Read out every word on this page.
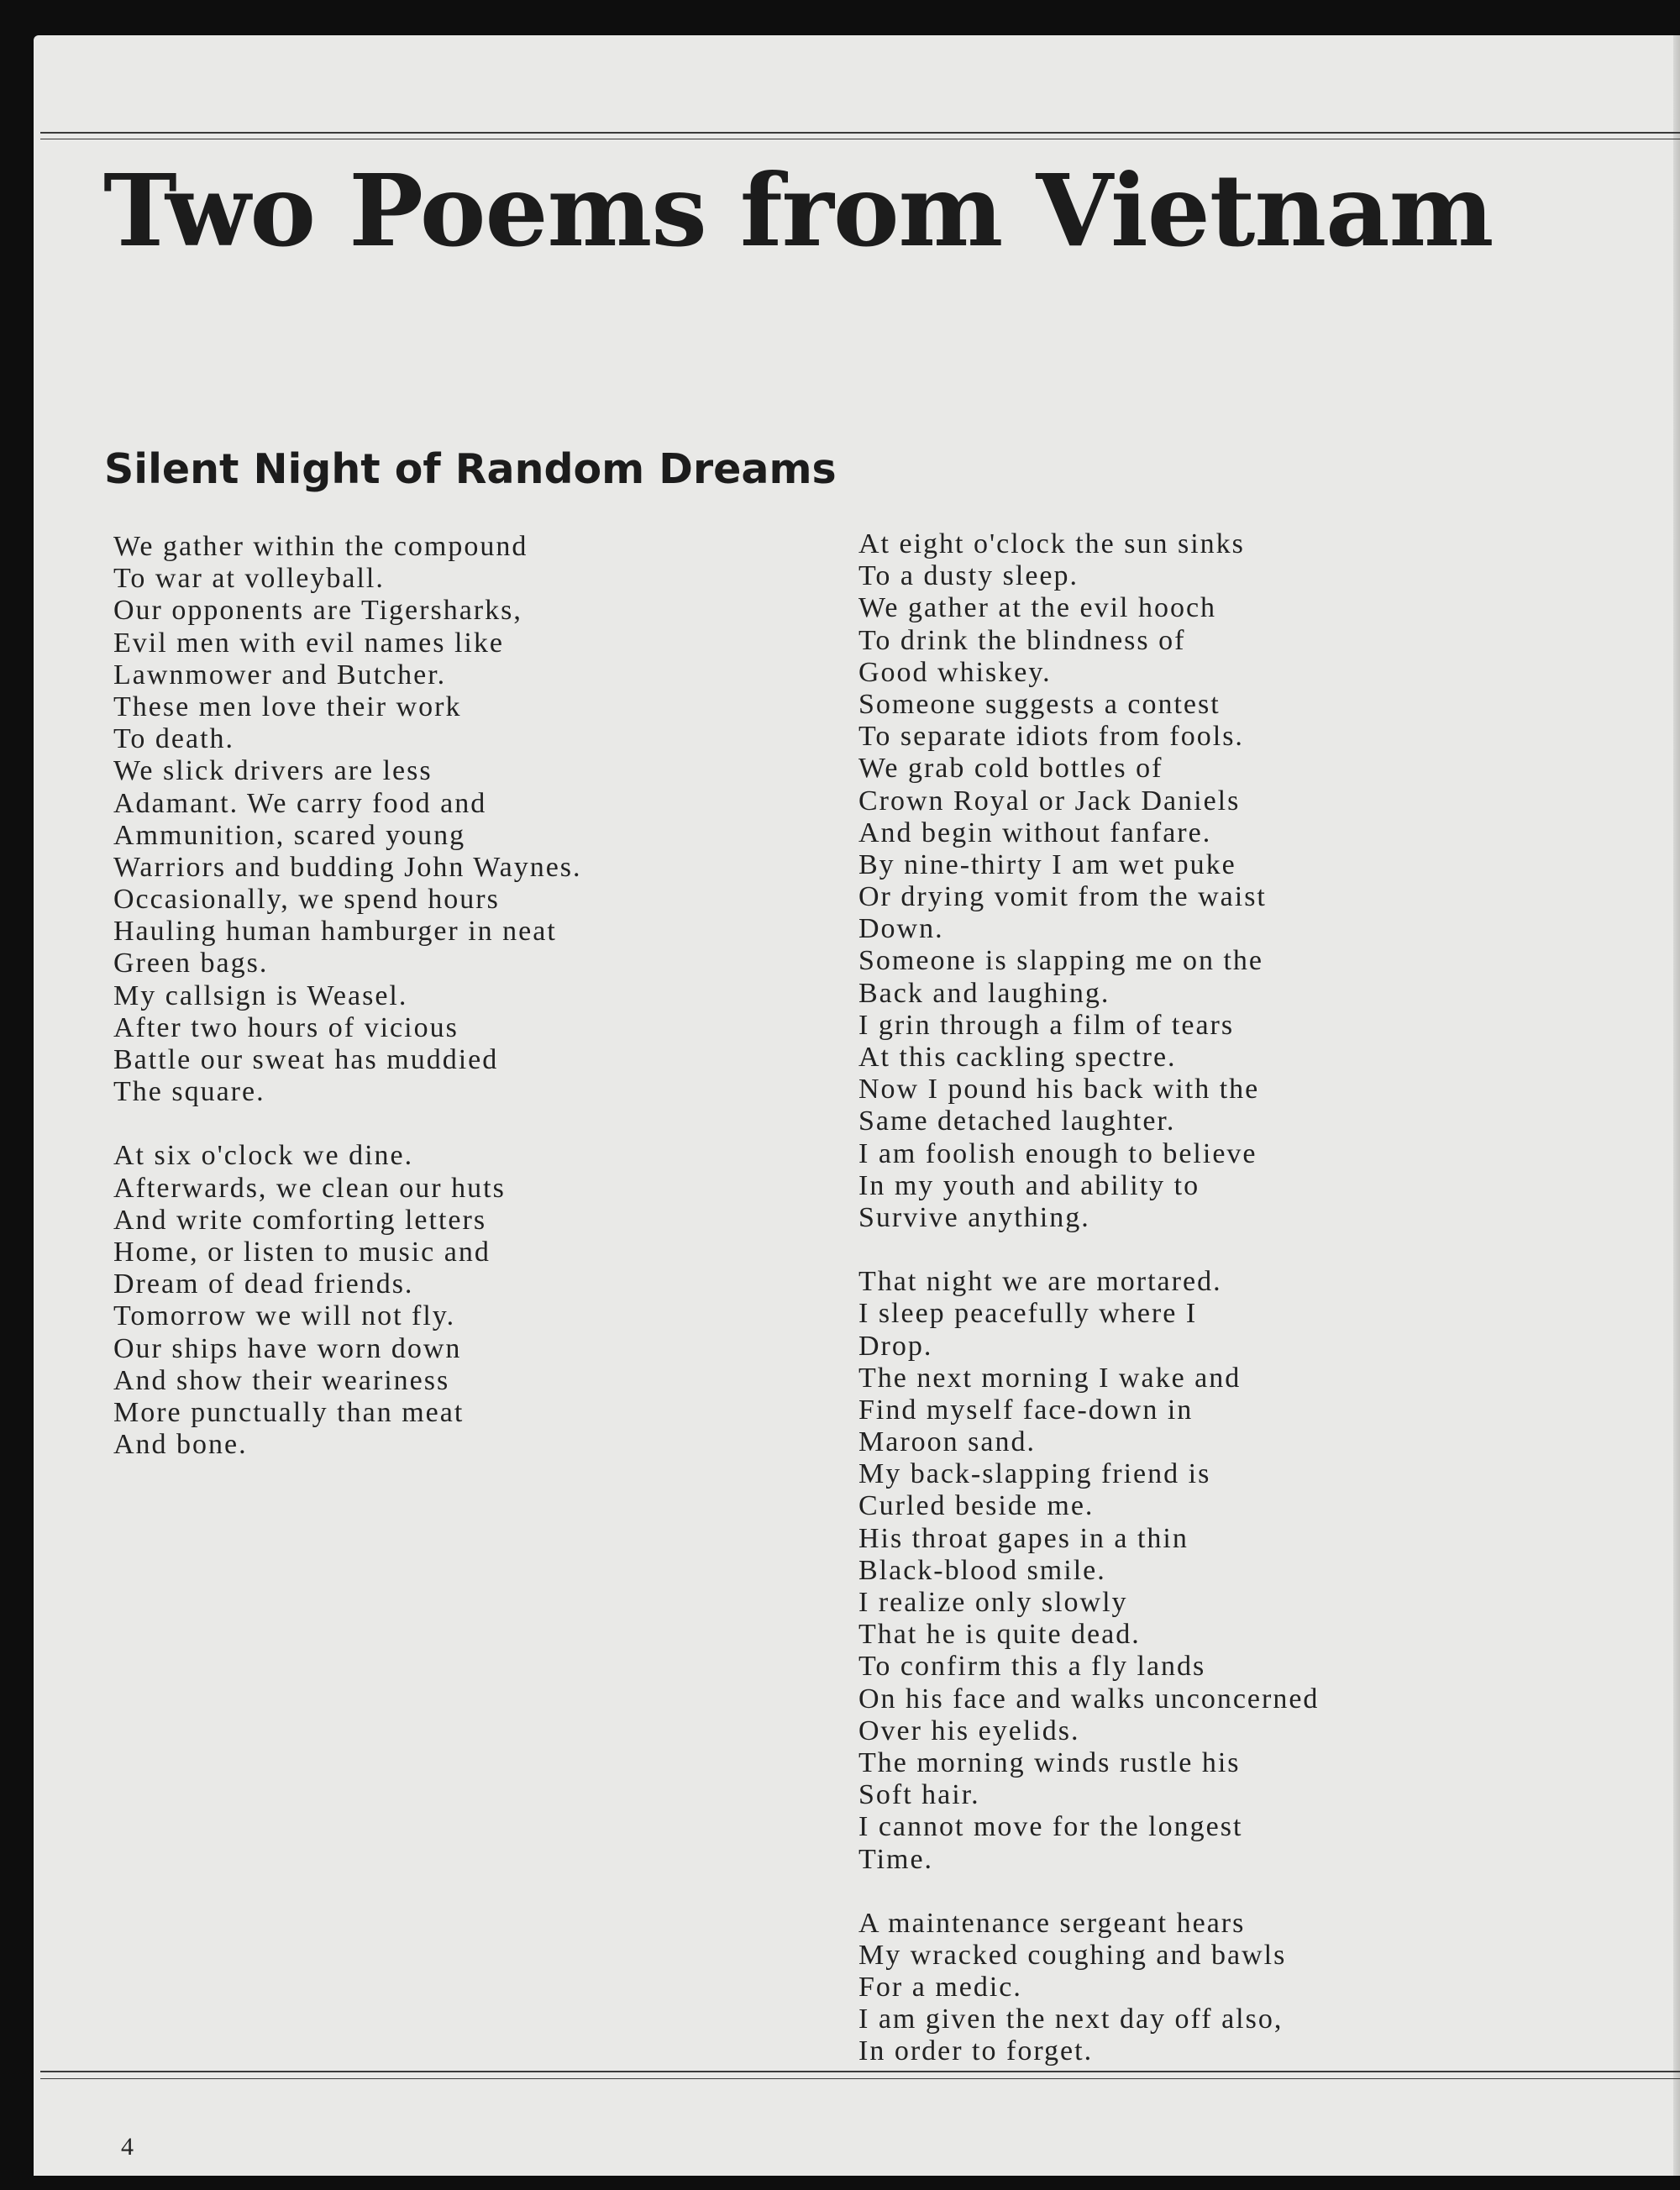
Two Poems from Vietnam
Silent Night of Random Dreams

We gather within the compound

To war at volleyball.

Our opponents are Tigersharks,

Evil men with evil names like

Lawnmower and Butcher.

These men love their work

To death.

We slick drivers are less

Adamant. We carry food and

Ammunition, scared young

Warriors and budding John Waynes.

Occasionally, we spend hours

Hauling human hamburger in neat

Green bags.

My callsign is Weasel.

After two hours of vicious

Battle our sweat has muddied

The square.

At six o'clock we dine.

Afterwards, we clean our huts

And write comforting letters

Home, or listen to music and

Dream of dead friends.

Tomorrow we will not fly.

Our ships have worn down

And show their weariness

More punctually than meat

And bone.

At eight o'clock the sun sinks

To a dusty sleep.

We gather at the evil hooch

To drink the blindness of

Good whiskey.

Someone suggests a contest

To separate idiots from fools.

We grab cold bottles of

Crown Royal or Jack Daniels

And begin without fanfare.

By nine-thirty I am wet puke

Or drying vomit from the waist

Down.

Someone is slapping me on the

Back and laughing.

I grin through a film of tears

At this cackling spectre.

Now I pound his back with the

Same detached laughter.

I am foolish enough to believe

In my youth and ability to

Survive anything.

That night we are mortared.

I sleep peacefully where I

Drop.

The next morning I wake and

Find myself face-down in

Maroon sand.

My back-slapping friend is

Curled beside me.

His throat gapes in a thin

Black-blood smile.

I realize only slowly

That he is quite dead.

To confirm this a fly lands

On his face and walks unconcerned

Over his eyelids.

The morning winds rustle his

Soft hair.

I cannot move for the longest

Time.

A maintenance sergeant hears

My wracked coughing and bawls

For a medic.

I am given the next day off also,

In order to forget.

4
